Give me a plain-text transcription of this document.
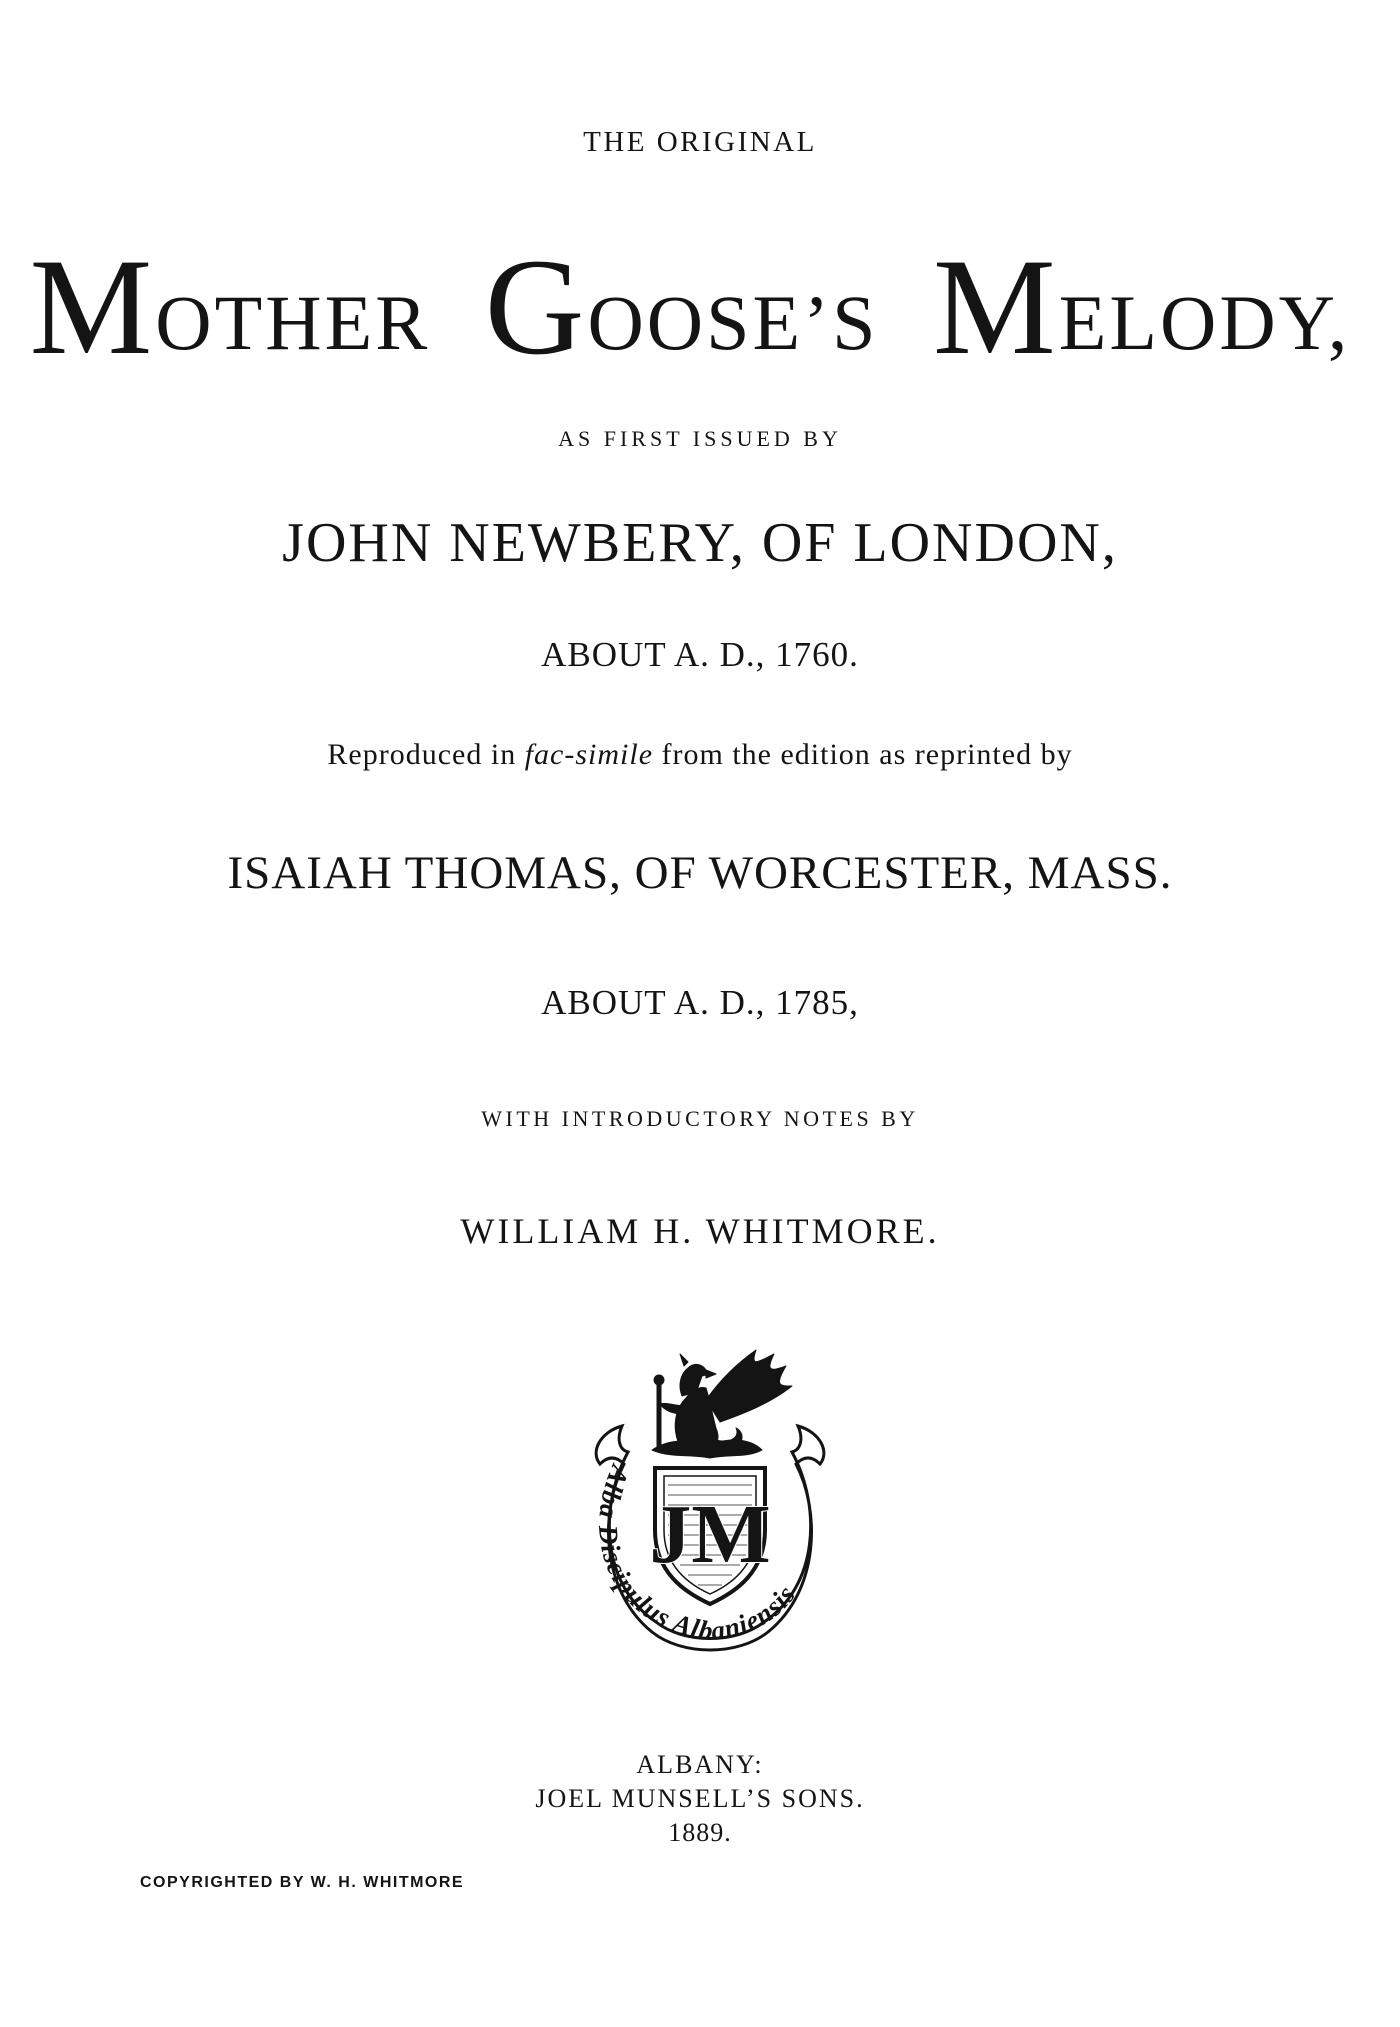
THE ORIGINAL
MOTHER GOOSE’S MELODY,
AS FIRST ISSUED BY
JOHN NEWBERY, OF LONDON,
ABOUT A. D., 1760.
Reproduced in fac-simile from the edition as reprinted by
ISAIAH THOMAS, OF WORCESTER, MASS.
ABOUT A. D., 1785,
WITH INTRODUCTORY NOTES BY
WILLIAM H. WHITMORE.
JM
Alba Discipulus Albaniensis
ALBANY:
JOEL MUNSELL’S SONS.
1889.
COPYRIGHTED BY W. H. WHITMORE
